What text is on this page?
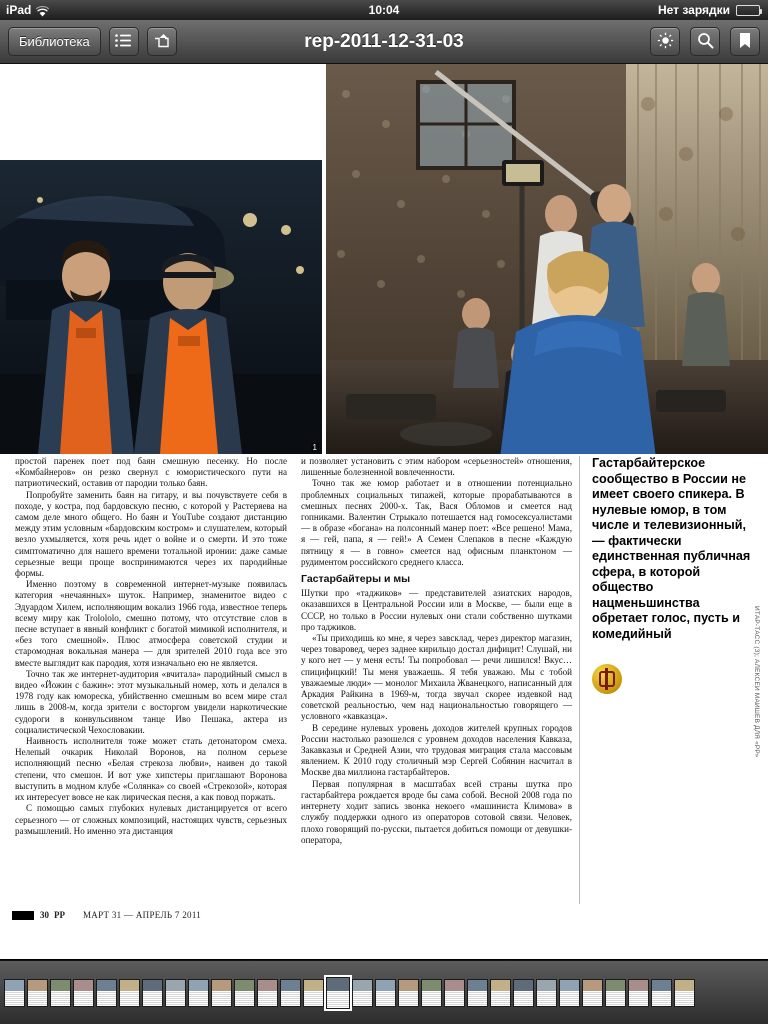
iPad	10:04	Нет зарядки
Библиотека	rep-2011-12-31-03
1

простой паренек поет под баян смешную песенку. Но после «Комбайнеров» он резко свернул с юмористического пути на патриотический, оставив от пародии только баян.

Попробуйте заменить баян на гитару, и вы почувствуете себя в походе, у костра, под бардовскую песню, с которой у Растеряева на самом деле много общего. Но баян и YouTube создают дистанцию между этим условным «бардовским костром» и слушателем, который везло ухмыляется, хотя речь идет о войне и о смерти. И это тоже симптоматично для нашего времени тотальной иронии: даже самые серьезные вещи проще воспринимаются через их пародийные формы.

Именно поэтому в современной интернет-музыке появилась категория «нечаянных» шуток. Например, знаменитое видео с Эдуардом Хилем, исполняющим вокализ 1966 года, известное теперь всему миру как Trolololo, смешно потому, что отсутствие слов в песне вступает в явный конфликт с богатой мимикой исполнителя, и «без того смешной». Плюс атмосфера советской студии и старомодная вокальная манера — для зрителей 2010 года все это вместе выглядит как пародия, хотя изначально ею не является.

Точно так же интернет-аудитория «вчитала» пародийный смысл в видео «Йожин с бажин»: этот музыкальный номер, хоть и делался в 1978 году как юмореска, убийственно смешным во всем мире стал лишь в 2008-м, когда зрители с восторгом увидели наркотические судороги в конвульсивном танце Иво Пешака, актера из социалистической Чехословакии.

Наивность исполнителя тоже может стать детонатором смеха. Нелепый очкарик Николай Воронов, на полном серьезе исполняющий песню «Белая стрекоза любви», наивен до такой степени, что смешон. И вот уже хипстеры приглашают Воронова выступить в модном клубе «Солянка» со своей «Стрекозой», которая их интересует вовсе не как лирическая песня, а как повод поржать.

С помощью самых глубоких нулевых дистанцируется от всего серьезного — от сложных композиций, настоящих чувств, серьезных размышлений. Но именно эта дистанция

и позволяет установить с этим набором «серьезностей» отношения, лишенные болезненной вовлеченности.

Точно так же юмор работает и в отношении потенциально проблемных социальных типажей, которые прорабатываются в смешных песнях 2000-х. Так, Вася Обломов и смеется над гопниками. Валентин Стрыкало потешается над гомосексуалистами — в образе «богана» на полсонный манер поет: «Все решено! Мама, я — гей, папа, я — гей!» А Семен Слепаков в песне «Каждую пятницу я — в говно» смеется над офисным планктоном — рудиментом российского среднего класса.

Гастарбайтеры и мы

Шутки про «таджиков» — представителей азиатских народов, оказавшихся в Центральной России или в Москве, — были еще в СССР, но только в России нулевых они стали собственно шутками про таджиков.

«Ты приходишь ко мне, я через завсклад, через директор магазин, через товаровед, через заднее кирильцо достал дифицит! Слушай, ни у кого нет — у меня есть! Ты попробовал — речи лишился! Вкус… спицифицкий! Ты меня уважаешь. Я тебя уважаю. Мы с тобой уважаемые люди» — монолог Михаила Жванецкого, написанный для Аркадия Райкина в 1969-м, тогда звучал скорее издевкой над советской реальностью, чем над национальностью говорящего — условного «кавказца».

В середине нулевых уровень доходов жителей крупных городов России настолько разошелся с уровнем доходов населения Кавказа, Закавказья и Средней Азии, что трудовая миграция стала массовым явлением. К 2010 году столичный мэр Сергей Собянин насчитал в Москве два миллиона гастарбайтеров.

Первая популярная в масштабах всей страны шутка про гастарбайтера рождается вроде бы сама собой. Весной 2008 года по интернету ходит запись звонка некоего «машиниста Климова» в службу поддержки одного из операторов сотовой связи. Человек, плохо говорящий по-русски, пытается добиться помощи от девушки-оператора,

Гастарбайтерское сообщество в России не имеет своего спикера. В нулевые юмор, в том числе и телевизионный, — фактически единственная публичная сфера, в которой общество нацменьшинства обретает голос, пусть и комедийный	ИТАР-ТАСС (3); АЛЕКСЕЙ МАЙШЕВ ДЛЯ «РР»
30 РР МАРТ 31 — АПРЕЛЬ 7 2011
